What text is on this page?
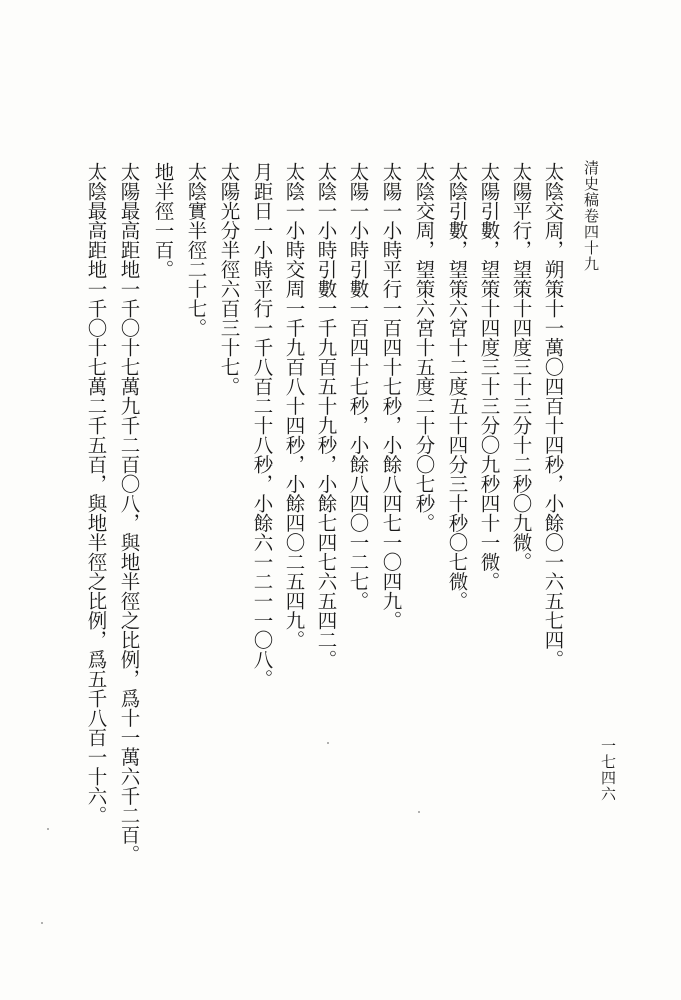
清史稿卷四十九
太陰交周，朔策十一萬〇四百十四秒，小餘〇一六五七四。
太陽平行，望策十四度三十三分十二秒〇九微。
太陽引數，望策十四度三十三分〇九秒四十一微。
太陰引數，望策六宮十二度五十四分三十秒〇七微。
太陰交周，望策六宮十五度二十分〇七秒。
太陽一小時平行一百四十七秒，小餘八四七一〇四九。
太陽一小時引數一百四十七秒，小餘八四〇一二七。
太陰一小時引數一千九百五十九秒，小餘七四七六五四二。
太陰一小時交周一千九百八十四秒，小餘四〇二五四九。
月距日一小時平行一千八百二十八秒，小餘六一二一一〇八。
太陽光分半徑六百三十七。
太陰實半徑二十七。
地半徑一百。
太陽最高距地一千〇十七萬九千二百〇八，與地半徑之比例，爲十一萬六千二百。
太陰最高距地一千〇十七萬二千五百，與地半徑之比例，爲五千八百一十六。	一七四六
